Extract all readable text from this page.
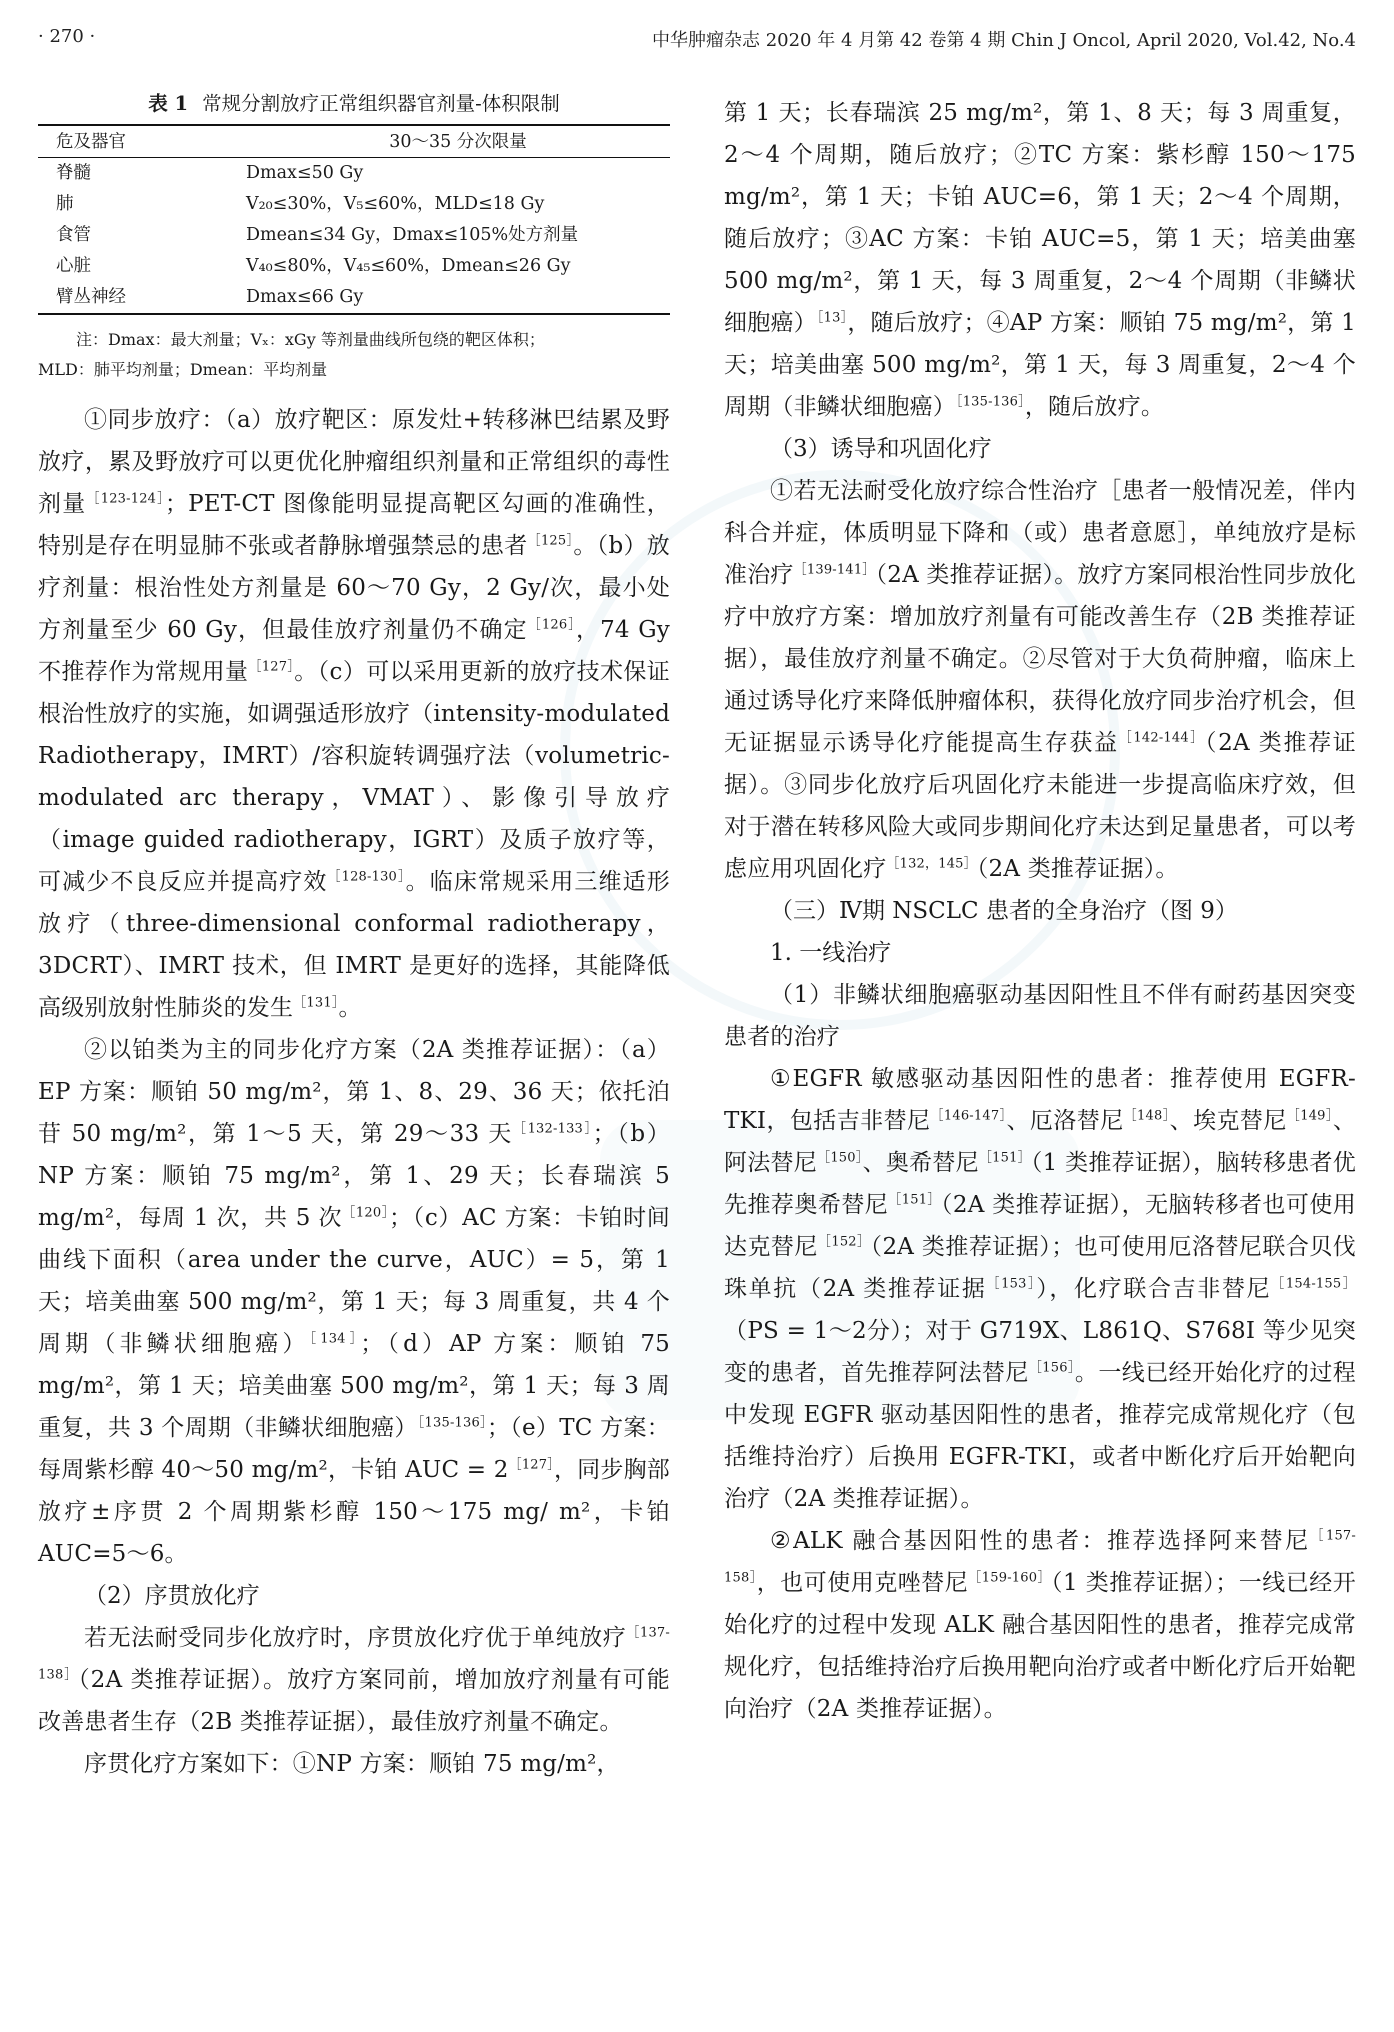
· 270 ·	中华肿瘤杂志 2020 年 4 月第 42 卷第 4 期 Chin J Oncol, April 2020, Vol.42, No.4
表 1 常规分割放疗正常组织器官剂量-体积限制
危及器官	30～35 分次限量
脊髓	Dmax≤50 Gy
肺	V₂₀≤30%，V₅≤60%，MLD≤18 Gy
食管	Dmean≤34 Gy，Dmax≤105%处方剂量
心脏	V₄₀≤80%，V₄₅≤60%，Dmean≤26 Gy
臂丛神经	Dmax≤66 Gy
注：Dmax：最大剂量；Vₓ：xGy 等剂量曲线所包绕的靶区体积；
MLD：肺平均剂量；Dmean：平均剂量

①同步放疗：（a）放疗靶区：原发灶+转移淋巴结累及野放疗，累及野放疗可以更优化肿瘤组织剂量和正常组织的毒性剂量$^{[123-124]}$；PET-CT 图像能明显提高靶区勾画的准确性，特别是存在明显肺不张或者静脉增强禁忌的患者$^{[125]}$。（b）放疗剂量：根治性处方剂量是 60～70 Gy，2 Gy/次，最小处方剂量至少 60 Gy，但最佳放疗剂量仍不确定$^{[126]}$，74 Gy 不推荐作为常规用量$^{[127]}$。（c）可以采用更新的放疗技术保证根治性放疗的实施，如调强适形放疗（intensity-modulated Radiotherapy，IMRT）/容积旋转调强疗法（volumetric-modulated arc therapy，VMAT）、影像引导放疗（image guided radiotherapy，IGRT）及质子放疗等，可减少不良反应并提高疗效$^{[128-130]}$。临床常规采用三维适形放疗（three-dimensional conformal radiotherapy，3DCRT）、IMRT 技术，但 IMRT 是更好的选择，其能降低高级别放射性肺炎的发生$^{[131]}$。

②以铂类为主的同步化疗方案（2A 类推荐证据）：（a）EP 方案：顺铂 50 mg/m²，第 1、8、29、36 天；依托泊苷 50 mg/m²，第 1～5 天，第 29～33 天$^{[132-133]}$；（b）NP 方案：顺铂 75 mg/m²，第 1、29 天；长春瑞滨 5 mg/m²，每周 1 次，共 5 次$^{[120]}$；（c）AC 方案：卡铂时间曲线下面积（area under the curve，AUC）= 5，第 1 天；培美曲塞 500 mg/m²，第 1 天；每 3 周重复，共 4 个周期（非鳞状细胞癌）$^{[134]}$；（d）AP 方案：顺铂 75 mg/m²，第 1 天；培美曲塞 500 mg/m²，第 1 天；每 3 周重复，共 3 个周期（非鳞状细胞癌）$^{[135-136]}$；（e）TC 方案：每周紫杉醇 40～50 mg/m²，卡铂 AUC = $2^{[127]}$，同步胸部放疗±序贯 2 个周期紫杉醇 150～175 mg/ m²，卡铂 AUC=5～6。

（2）序贯放化疗

若无法耐受同步化放疗时，序贯放化疗优于单纯放疗$^{[137-138]}$（2A 类推荐证据）。放疗方案同前，增加放疗剂量有可能改善患者生存（2B 类推荐证据），最佳放疗剂量不确定。

序贯化疗方案如下：①NP 方案：顺铂 75 mg/m²，

第 1 天；长春瑞滨 25 mg/m²，第 1、8 天；每 3 周重复，2～4 个周期，随后放疗；②TC 方案：紫杉醇 150～175 mg/m²，第 1 天；卡铂 AUC=6，第 1 天；2～4 个周期，随后放疗；③AC 方案：卡铂 AUC=5，第 1 天；培美曲塞 500 mg/m²，第 1 天，每 3 周重复，2～4 个周期（非鳞状细胞癌）$^{[13]}$，随后放疗；④AP 方案：顺铂 75 mg/m²，第 1 天；培美曲塞 500 mg/m²，第 1 天，每 3 周重复，2～4 个周期（非鳞状细胞癌）$^{[135-136]}$，随后放疗。

（3）诱导和巩固化疗

①若无法耐受化放疗综合性治疗［患者一般情况差，伴内科合并症，体质明显下降和（或）患者意愿］，单纯放疗是标准治疗$^{[139-141]}$（2A 类推荐证据）。放疗方案同根治性同步放化疗中放疗方案：增加放疗剂量有可能改善生存（2B 类推荐证据），最佳放疗剂量不确定。②尽管对于大负荷肿瘤，临床上通过诱导化疗来降低肿瘤体积，获得化放疗同步治疗机会，但无证据显示诱导化疗能提高生存获益$^{[142-144]}$（2A 类推荐证据）。③同步化放疗后巩固化疗未能进一步提高临床疗效，但对于潜在转移风险大或同步期间化疗未达到足量患者，可以考虑应用巩固化疗$^{[132,145]}$（2A 类推荐证据）。

（三）Ⅳ期 NSCLC 患者的全身治疗（图 9）

1. 一线治疗

（1）非鳞状细胞癌驱动基因阳性且不伴有耐药基因突变患者的治疗

①EGFR 敏感驱动基因阳性的患者：推荐使用 EGFR-TKI，包括吉非替尼$^{[146-147]}$、厄洛替尼$^{[148]}$、埃克替尼$^{[149]}$、阿法替尼$^{[150]}$、奥希替尼$^{[151]}$（1 类推荐证据），脑转移患者优先推荐奥希替尼$^{[151]}$（2A 类推荐证据），无脑转移者也可使用达克替尼$^{[152]}$（2A 类推荐证据）；也可使用厄洛替尼联合贝伐珠单抗（2A 类推荐证据$^{[153]}$），化疗联合吉非替尼$^{[154-155]}$（PS = 1～2分）；对于 G719X、L861Q、S768I 等少见突变的患者，首先推荐阿法替尼$^{[156]}$。一线已经开始化疗的过程中发现 EGFR 驱动基因阳性的患者，推荐完成常规化疗（包括维持治疗）后换用 EGFR-TKI，或者中断化疗后开始靶向治疗（2A 类推荐证据）。

②ALK 融合基因阳性的患者：推荐选择阿来替尼$^{[157-158]}$，也可使用克唑替尼$^{[159-160]}$（1 类推荐证据）；一线已经开始化疗的过程中发现 ALK 融合基因阳性的患者，推荐完成常规化疗，包括维持治疗后换用靶向治疗或者中断化疗后开始靶向治疗（2A 类推荐证据）。
